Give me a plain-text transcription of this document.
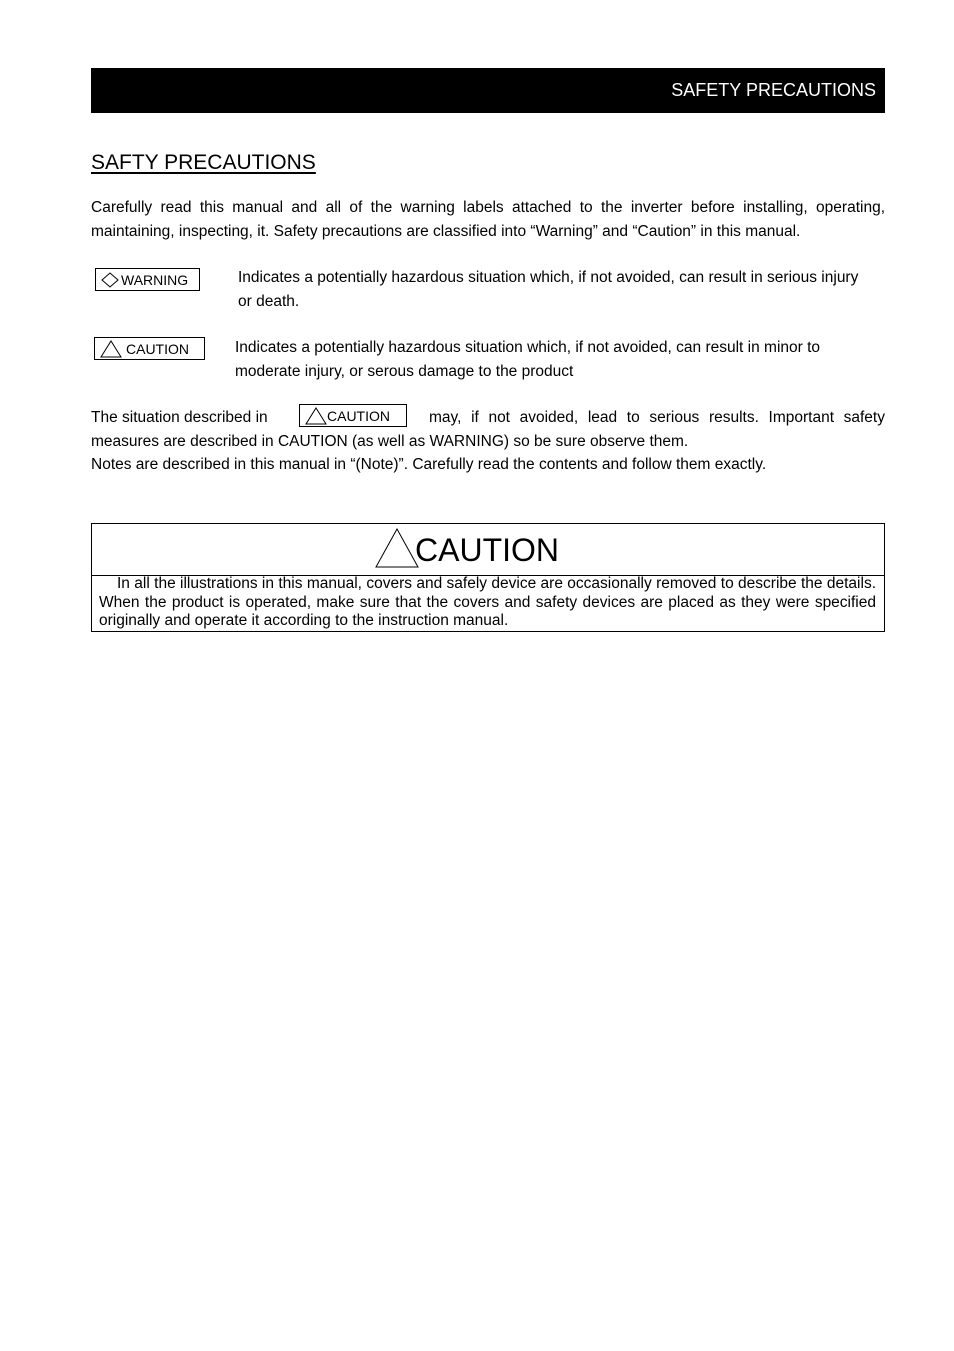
SAFETY PRECAUTIONS
SAFTY PRECAUTIONS
Carefully read this manual and all of the warning labels attached to the inverter before installing, operating, maintaining, inspecting, it. Safety precautions are classified into “Warning” and “Caution” in this manual.
WARNING	Indicates a potentially hazardous situation which, if not avoided, can result in serious injury or death.
CAUTION	Indicates a potentially hazardous situation which, if not avoided, can result in minor to moderate injury, or serous damage to the product
The situation described in	CAUTION	may, if not avoided, lead to serious results. Important safety measures are described in CAUTION (as well as WARNING) so be sure observe them.
Notes are described in this manual in “(Note)”. Carefully read the contents and follow them exactly.
CAUTION
In all the illustrations in this manual, covers and safely device are occasionally removed to describe the details. When the product is operated, make sure that the covers and safety devices are placed as they were specified originally and operate it according to the instruction manual.
